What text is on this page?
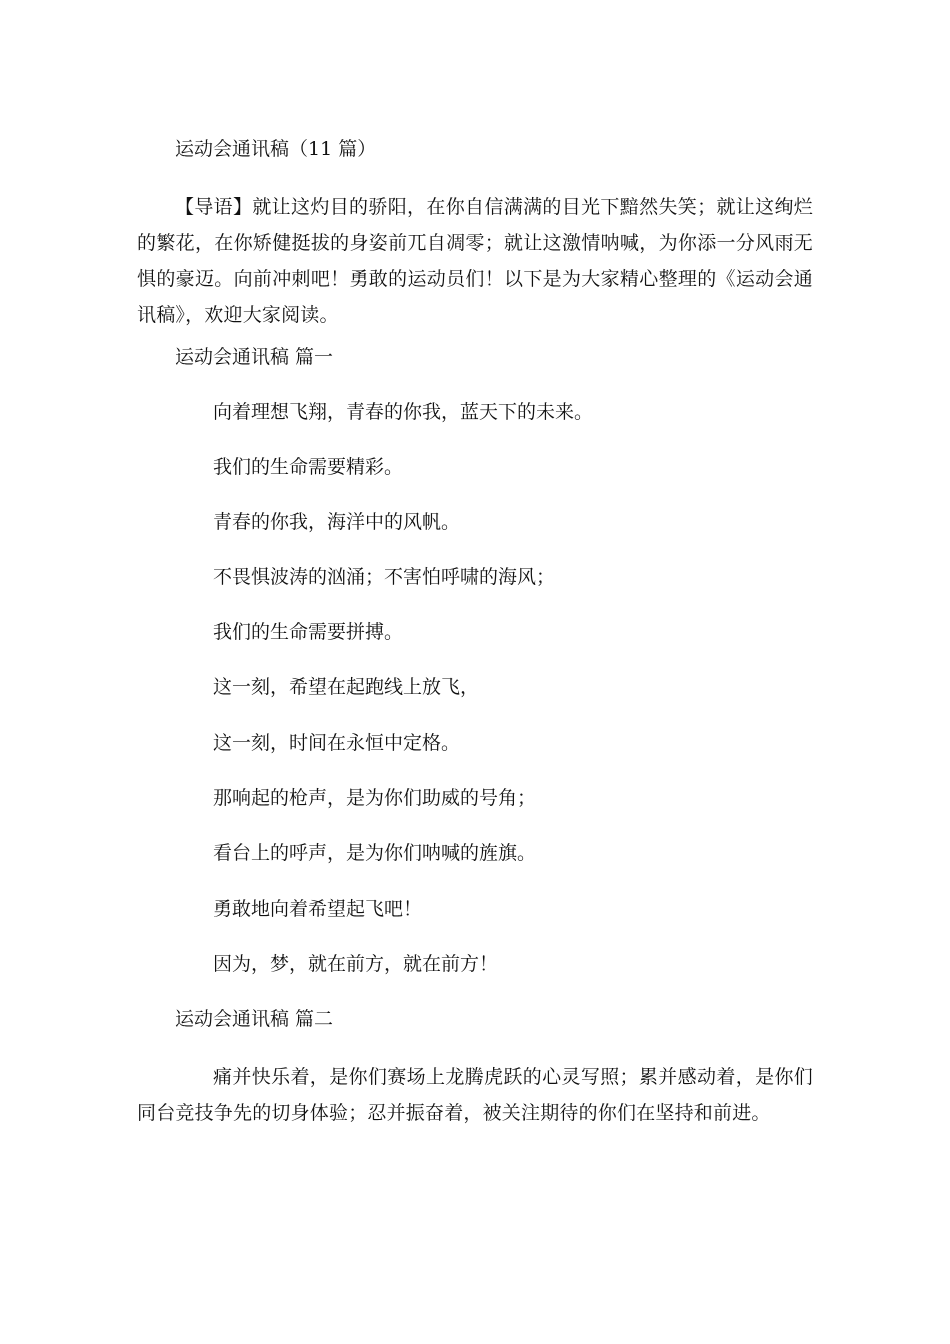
运动会通讯稿（11 篇）
【导语】就让这灼目的骄阳，在你自信满满的目光下黯然失笑；就让这绚烂的繁花，在你矫健挺拔的身姿前兀自凋零；就让这激情呐喊，为你添一分风雨无惧的豪迈。向前冲刺吧！勇敢的运动员们！以下是为大家精心整理的《运动会通讯稿》，欢迎大家阅读。
运动会通讯稿 篇一
向着理想飞翔，青春的你我，蓝天下的未来。
我们的生命需要精彩。
青春的你我，海洋中的风帆。
不畏惧波涛的汹涌；不害怕呼啸的海风；
我们的生命需要拼搏。
这一刻，希望在起跑线上放飞，
这一刻，时间在永恒中定格。
那响起的枪声，是为你们助威的号角；
看台上的呼声，是为你们呐喊的旌旗。
勇敢地向着希望起飞吧！
因为，梦，就在前方，就在前方！
运动会通讯稿 篇二
痛并快乐着，是你们赛场上龙腾虎跃的心灵写照；累并感动着，是你们同台竞技争先的切身体验；忍并振奋着，被关注期待的你们在坚持和前进。
